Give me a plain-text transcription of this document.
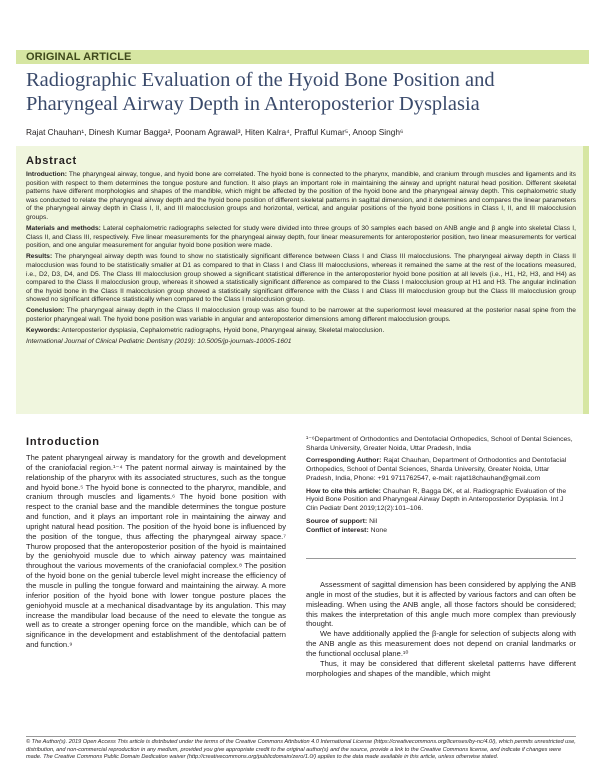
ORIGINAL ARTICLE
Radiographic Evaluation of the Hyoid Bone Position and Pharyngeal Airway Depth in Anteroposterior Dysplasia
Rajat Chauhan¹, Dinesh Kumar Bagga², Poonam Agrawal³, Hiten Kalra⁴, Prafful Kumar⁵, Anoop Singh⁶
Abstract

Introduction: The pharyngeal airway, tongue, and hyoid bone are correlated. The hyoid bone is connected to the pharynx, mandible, and cranium through muscles and ligaments and its position with respect to them determines the tongue posture and function. It also plays an important role in maintaining the airway and upright natural head position. Different skeletal patterns have different morphologies and shapes of the mandible, which might be affected by the position of the hyoid bone and the pharyngeal airway depth. This cephalometric study was conducted to relate the pharyngeal airway depth and the hyoid bone position of different skeletal patterns in sagittal dimension, and it determines and compares the linear parameters of the pharyngeal airway depth in Class I, II, and III malocclusion groups and horizontal, vertical, and angular positions of the hyoid bone positions in Class I, II, and III malocclusion groups.

Materials and methods: Lateral cephalometric radiographs selected for study were divided into three groups of 30 samples each based on ANB angle and β angle into skeletal Class I, Class II, and Class III, respectively. Five linear measurements for the pharyngeal airway depth, four linear measurements for anteroposterior position, two linear measurements for vertical position, and one angular measurement for angular hyoid bone position were made.

Results: The pharyngeal airway depth was found to show no statistically significant difference between Class I and Class III malocclusions. The pharyngeal airway depth in Class II malocclusion was found to be statistically smaller at D1 as compared to that in Class I and Class III malocclusions, whereas it remained the same at the rest of the locations measured, i.e., D2, D3, D4, and D5. The Class III malocclusion group showed a significant statistical difference in the anteroposterior hyoid bone position at all levels (i.e., H1, H2, H3, and H4) as compared to the Class II malocclusion group, whereas it showed a statistically significant difference as compared to the Class I malocclusion group at H1 and H3. The angular inclination of the hyoid bone in the Class II malocclusion group showed a statistically significant difference with the Class I and Class III malocclusion group but the Class III malocclusion group showed no significant difference statistically when compared to the Class I malocclusion group.

Conclusion: The pharyngeal airway depth in the Class II malocclusion group was also found to be narrower at the superiormost level measured at the posterior nasal spine from the posterior pharyngeal wall. The hyoid bone position was variable in angular and anteroposterior dimensions among different malocclusion groups.

Keywords: Anteroposterior dysplasia, Cephalometric radiographs, Hyoid bone, Pharyngeal airway, Skeletal malocclusion.

International Journal of Clinical Pediatric Dentistry (2019): 10.5005/jp-journals-10005-1601

Introduction

The patent pharyngeal airway is mandatory for the growth and development of the craniofacial region.¹⁻⁴ The patent normal airway is maintained by the relationship of the pharynx with its associated structures, such as the tongue and hyoid bone.⁵ The hyoid bone is connected to the pharynx, mandible, and cranium through muscles and ligaments.⁶ The hyoid bone position with respect to the cranial base and the mandible determines the tongue posture and function, and it plays an important role in maintaining the airway and upright natural head position. The position of the hyoid bone is influenced by the position of the tongue, thus affecting the pharyngeal airway space.⁷ Thurow proposed that the anteroposterior position of the hyoid is maintained by the geniohyoid muscle due to which airway patency was maintained throughout the various movements of the craniofacial complex.⁸ The position of the hyoid bone on the genial tubercle level might increase the efficiency of the muscle in pulling the tongue forward and maintaining the airway. A more inferior position of the hyoid bone with lower tongue posture places the geniohyoid muscle at a mechanical disadvantage by its angulation. This may increase the mandibular load because of the need to elevate the tongue as well as to create a stronger opening force on the mandible, which can be of significance in the development and establishment of the dentofacial pattern and function.⁹

¹⁻⁶Department of Orthodontics and Dentofacial Orthopedics, School of Dental Sciences, Sharda University, Greater Noida, Uttar Pradesh, India

Corresponding Author: Rajat Chauhan, Department of Orthodontics and Dentofacial Orthopedics, School of Dental Sciences, Sharda University, Greater Noida, Uttar Pradesh, India, Phone: +91 9711762547, e-mail: rajat18chauhan@gmail.com

How to cite this article: Chauhan R, Bagga DK, et al. Radiographic Evaluation of the Hyoid Bone Position and Pharyngeal Airway Depth in Anteroposterior Dysplasia. Int J Clin Pediatr Dent 2019;12(2):101–106.

Source of support: Nil

Conflict of interest: None

Assessment of sagittal dimension has been considered by applying the ANB angle in most of the studies, but it is affected by various factors and can often be misleading. When using the ANB angle, all those factors should be considered; this makes the interpretation of this angle much more complex than previously thought.

We have additionally applied the β-angle for selection of subjects along with the ANB angle as this measurement does not depend on cranial landmarks or the functional occlusal plane.¹⁰

Thus, it may be considered that different skeletal patterns have different morphologies and shapes of the mandible, which might

© The Author(s). 2019 Open Access This article is distributed under the terms of the Creative Commons Attribution 4.0 International License (https://creativecommons.org/licenses/by-nc/4.0/), which permits unrestricted use, distribution, and non-commercial reproduction in any medium, provided you give appropriate credit to the original author(s) and the source, provide a link to the Creative Commons license, and indicate if changes were made. The Creative Commons Public Domain Dedication waiver (http://creativecommons.org/publicdomain/zero/1.0/) applies to the data made available in this article, unless otherwise stated.
